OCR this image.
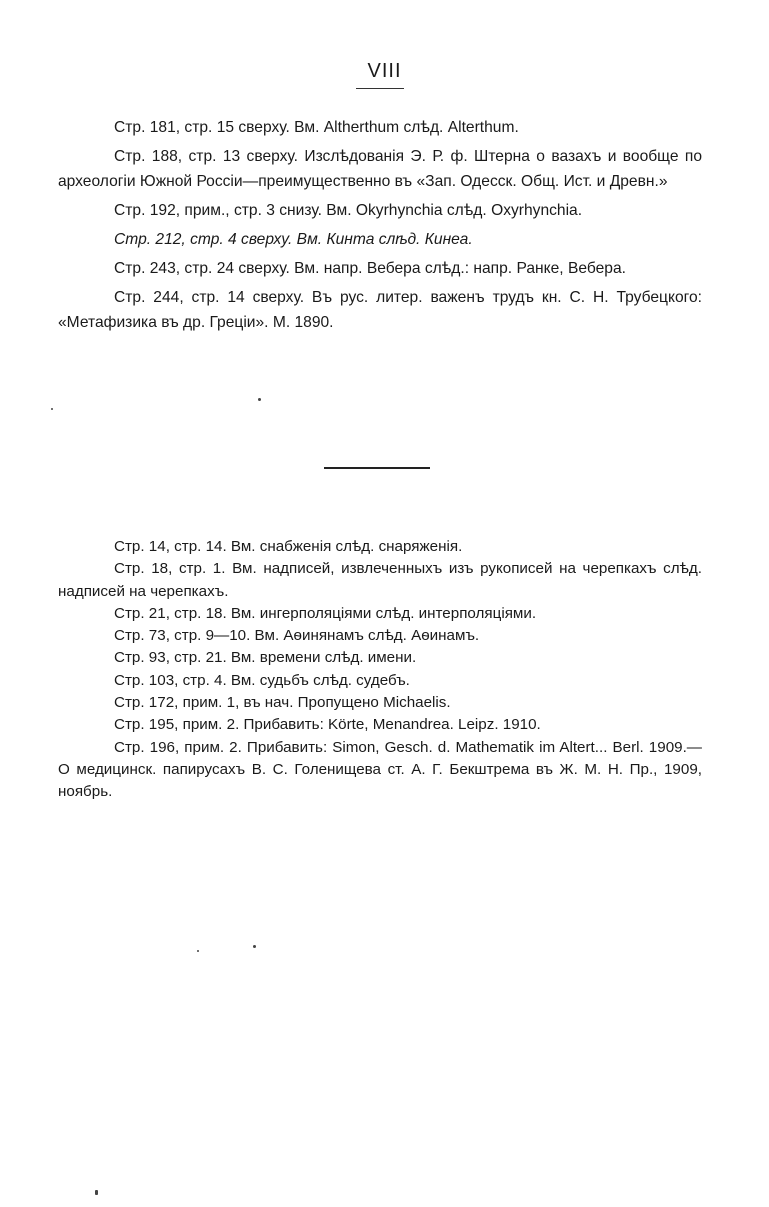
VIII

Стр. 181, стр. 15 сверху. Вм. Altherthum слѣд. Alterthum.

Стр. 188, стр. 13 сверху. Изслѣдованія Э. Р. ф. Штерна о вазахъ и вообще по археологіи Южной Россіи—преимущественно въ «Зап. Одесск. Общ. Ист. и Древн.»

Стр. 192, прим., стр. 3 снизу. Вм. Okyrhynchia слѣд. Oxyrhynchia.

Стр. 212, стр. 4 сверху. Вм. Кинта слѣд. Кинеа.

Стр. 243, стр. 24 сверху. Вм. напр. Вебера слѣд.: напр. Ранке, Вебера.

Стр. 244, стр. 14 сверху. Въ рус. литер. важенъ трудъ кн. С. Н. Трубецкого: «Метафизика въ др. Греціи». М. 1890.

Стр. 14, стр. 14. Вм. снабженія слѣд. снаряженія.

Стр. 18, стр. 1. Вм. надписей, извлеченныхъ изъ рукописей на черепкахъ слѣд. надписей на черепкахъ.

Стр. 21, стр. 18. Вм. ингерполяціями слѣд. интерполяціями.

Стр. 73, стр. 9—10. Вм. Аѳинянамъ слѣд. Аѳинамъ.

Стр. 93, стр. 21. Вм. времени слѣд. имени.

Стр. 103, стр. 4. Вм. судьбъ слѣд. судебъ.

Стр. 172, прим. 1, въ нач. Пропущено Michaelis.

Стр. 195, прим. 2. Прибавить: Körte, Menandrea. Leipz. 1910.

Стр. 196, прим. 2. Прибавить: Simon, Gesch. d. Mathematik im Altert... Berl. 1909.—О медицинск. папирусахъ В. С. Голенищева ст. А. Г. Бекштрема въ Ж. М. Н. Пр., 1909, ноябрь.
